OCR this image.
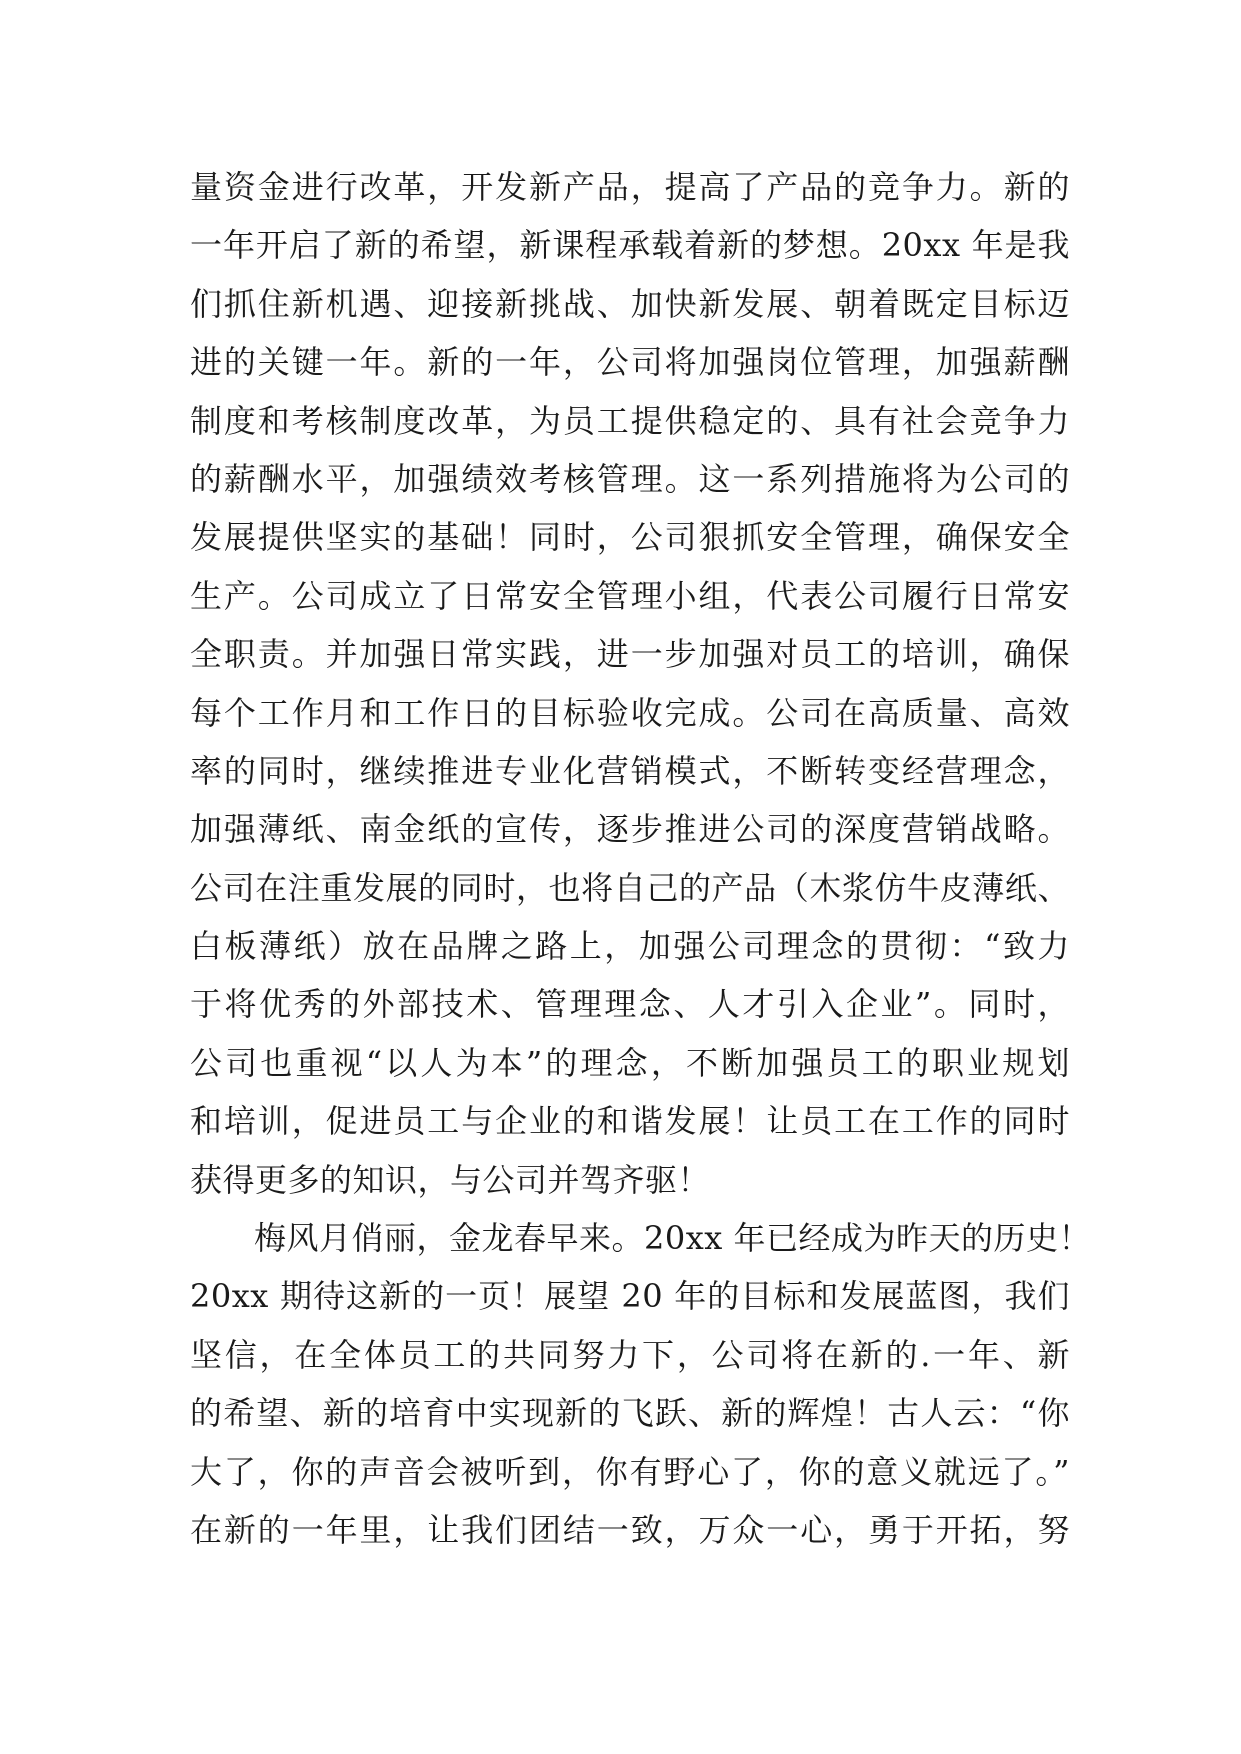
量资金进行改革，开发新产品，提高了产品的竞争力。新的
一年开启了新的希望，新课程承载着新的梦想。20xx 年是我
们抓住新机遇、迎接新挑战、加快新发展、朝着既定目标迈
进的关键一年。新的一年，公司将加强岗位管理，加强薪酬
制度和考核制度改革，为员工提供稳定的、具有社会竞争力
的薪酬水平，加强绩效考核管理。这一系列措施将为公司的
发展提供坚实的基础！同时，公司狠抓安全管理，确保安全
生产。公司成立了日常安全管理小组，代表公司履行日常安
全职责。并加强日常实践，进一步加强对员工的培训，确保
每个工作月和工作日的目标验收完成。公司在高质量、高效
率的同时，继续推进专业化营销模式，不断转变经营理念，
加强薄纸、南金纸的宣传，逐步推进公司的深度营销战略。
公司在注重发展的同时，也将自己的产品（木浆仿牛皮薄纸、
白板薄纸）放在品牌之路上，加强公司理念的贯彻：“致力
于将优秀的外部技术、管理理念、人才引入企业”。同时，
公司也重视“以人为本”的理念，不断加强员工的职业规划
和培训，促进员工与企业的和谐发展！让员工在工作的同时
获得更多的知识，与公司并驾齐驱！
梅风月俏丽，金龙春早来。20xx 年已经成为昨天的历史！
20xx 期待这新的一页！展望 20 年的目标和发展蓝图，我们
坚信，在全体员工的共同努力下，公司将在新的.一年、新
的希望、新的培育中实现新的飞跃、新的辉煌！古人云：“你
大了，你的声音会被听到，你有野心了，你的意义就远了。”
在新的一年里，让我们团结一致，万众一心，勇于开拓，努
